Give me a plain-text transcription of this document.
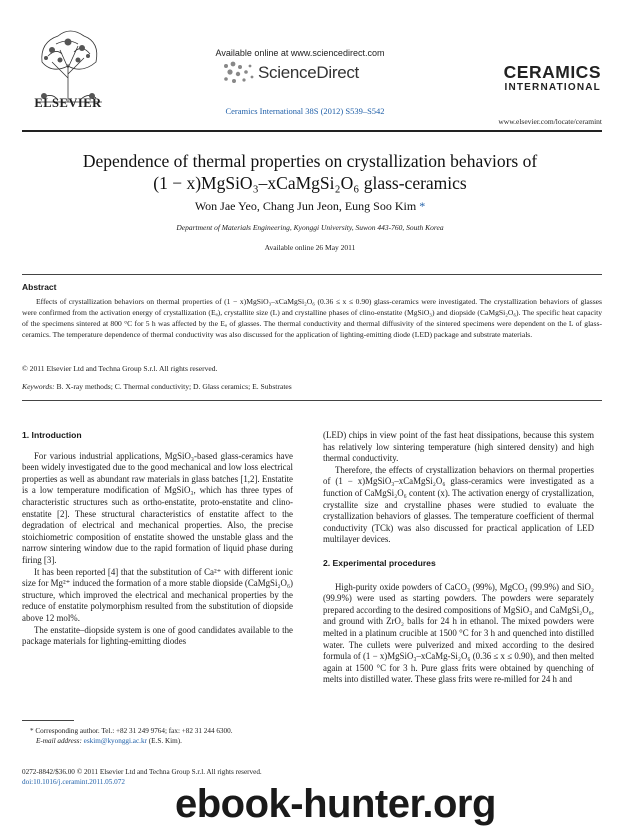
ELSEVIER
Available online at www.sciencedirect.com
ScienceDirect
Ceramics International 38S (2012) S539–S542
CERAMICS
INTERNATIONAL
www.elsevier.com/locate/ceramint
Dependence of thermal properties on crystallization behaviors of
(1 − x)MgSiO₃–xCaMgSi₂O₆ glass-ceramics
Won Jae Yeo, Chang Jun Jeon, Eung Soo Kim *
Department of Materials Engineering, Kyonggi University, Suwon 443-760, South Korea
Available online 26 May 2011
Abstract
Effects of crystallization behaviors on thermal properties of (1 − x)MgSiO₃–xCaMgSi₂O₆ (0.36 ≤ x ≤ 0.90) glass-ceramics were investigated. The crystallization behaviors of glasses were confirmed from the activation energy of crystallization (Eₐ), crystallite size (L) and crystalline phases of clino-enstatite (MgSiO₃) and diopside (CaMgSi₂O₆). The specific heat capacity of the specimens sintered at 800 °C for 5 h was affected by the Eₐ of glasses. The thermal conductivity and thermal diffusivity of the sintered specimens were dependent on the L of glass-ceramics. The temperature dependence of thermal conductivity was also discussed for the application of lighting-emitting diode (LED) package and substrate materials.
© 2011 Elsevier Ltd and Techna Group S.r.l. All rights reserved.
Keywords: B. X-ray methods; C. Thermal conductivity; D. Glass ceramics; E. Substrates

1. Introduction

For various industrial applications, MgSiO₃-based glass-ceramics have been widely investigated due to the good mechanical and low loss electrical properties as well as abundant raw materials in glass batches [1,2]. Enstatite is a low temperature modification of MgSiO₃, which has three types of characteristic structures such as ortho-enstatite, proto-enstatite and clino-enstatite [2]. These structural characteristics of enstatite affect to the degradation of electrical and mechanical properties. Also, the precise stoichiometric composition of enstatite showed the unstable glass and the narrow sintering window due to the rapid formation of liquid phase during firing [3].

It has been reported [4] that the substitution of Ca²⁺ with different ionic size for Mg²⁺ induced the formation of a more stable diopside (CaMgSi₂O₆) structure, which improved the electrical and mechanical properties by the reduce of enstatite polymorphism resulted from the substitution of diopside above 12 mol%.

The enstatite–diopside system is one of good candidates available to the package materials for lighting-emitting diodes

* Corresponding author. Tel.: +82 31 249 9764; fax: +82 31 244 6300.
E-mail address: eskim@kyonggi.ac.kr (E.S. Kim).
0272-8842/$36.00 © 2011 Elsevier Ltd and Techna Group S.r.l. All rights reserved.
doi:10.1016/j.ceramint.2011.05.072

(LED) chips in view point of the fast heat dissipations, because this system has relatively low sintering temperature (high sintered density) and high thermal conductivity.

Therefore, the effects of crystallization behaviors on thermal properties of (1 − x)MgSiO₃–xCaMgSi₂O₆ glass-ceramics were investigated as a function of CaMgSi₂O₆ content (x). The activation energy of crystallization, crystallite size and crystalline phases were studied to evaluate the crystallization behaviors of glasses. The temperature coefficient of thermal conductivity (TCk) was also discussed for practical application of LED multilayer devices.

2. Experimental procedures

High-purity oxide powders of CaCO₃ (99%), MgCO₃ (99.9%) and SiO₂ (99.9%) were used as starting powders. The powders were separately prepared according to the desired compositions of MgSiO₃ and CaMgSi₂O₆, and ground with ZrO₂ balls for 24 h in ethanol. The mixed powders were melted in a platinum crucible at 1500 °C for 3 h and quenched into distilled water. The cullets were pulverized and mixed according to the desired formula of (1 − x)MgSiO₃–xCaMg-Si₂O₆ (0.36 ≤ x ≤ 0.90), and then melted again at 1500 °C for 3 h. Pure glass frits were obtained by quenching of melts into distilled water. These glass frits were re-milled for 24 h and

ebook-hunter.org
